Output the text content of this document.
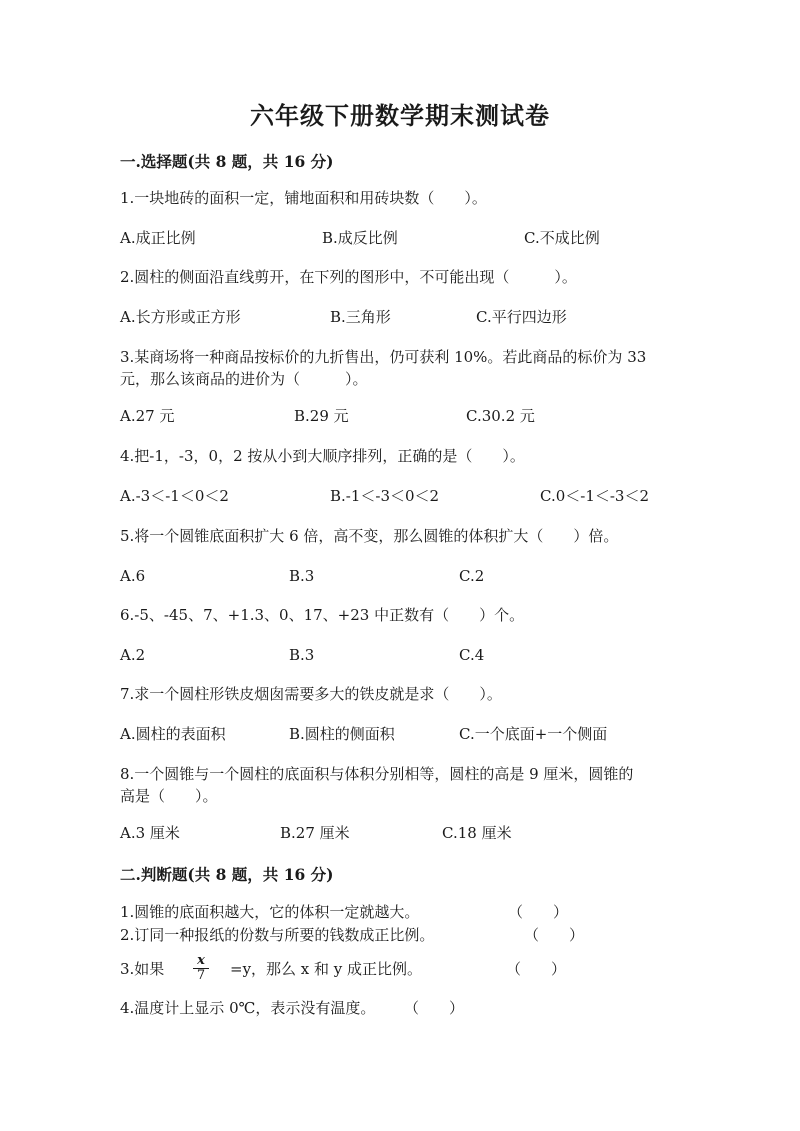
六年级下册数学期末测试卷
一.选择题(共 8 题，共 16 分)
1.一块地砖的面积一定，铺地面积和用砖块数（　　）。
A.成正比例	B.成反比例	C.不成比例
2.圆柱的侧面沿直线剪开，在下列的图形中，不可能出现（　　　）。
A.长方形或正方形	B.三角形	C.平行四边形
3.某商场将一种商品按标价的九折售出，仍可获利 10%。若此商品的标价为 33
元，那么该商品的进价为（　　　）。
A.27 元	B.29 元	C.30.2 元
4.把-1，-3，0，2 按从小到大顺序排列，正确的是（　　）。
A.-3＜-1＜0＜2	B.-1＜-3＜0＜2	C.0＜-1＜-3＜2
5.将一个圆锥底面积扩大 6 倍，高不变，那么圆锥的体积扩大（　　）倍。
A.6	B.3	C.2
6.-5、-45、7、+1.3、0、17、+23 中正数有（　　）个。
A.2	B.3	C.4
7.求一个圆柱形铁皮烟囱需要多大的铁皮就是求（　　）。
A.圆柱的表面积	B.圆柱的侧面积	C.一个底面+一个侧面
8.一个圆锥与一个圆柱的底面积与体积分别相等，圆柱的高是 9 厘米，圆锥的
高是（　　）。
A.3 厘米	B.27 厘米	C.18 厘米
二.判断题(共 8 题，共 16 分)
1.圆锥的底面积越大，它的体积一定就越大。	（　　）
2.订同一种报纸的份数与所要的钱数成正比例。	（　　）
3.如果 $\frac{x}{7} =y$，那么 x 和 y 成正比例。	（　　）
4.温度计上显示 0℃，表示没有温度。 （　　）
